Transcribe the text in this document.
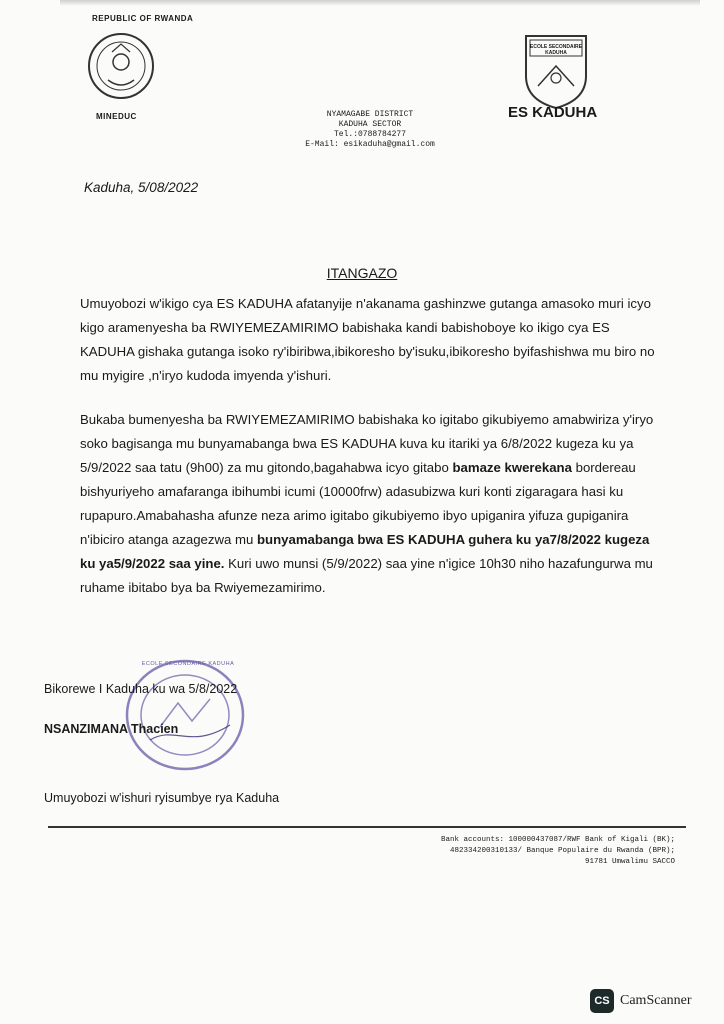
REPUBLIC OF RWANDA
MINEDUC
ECOLE SECONDAIRE KADUHA
ES KADUHA
NYAMAGABE DISTRICT
KADUHA SECTOR
Tel.:0788784277
E-Mail: esikaduha@gmail.com
Kaduha, 5/08/2022
ITANGAZO
Umuyobozi w'ikigo cya ES KADUHA afatanyije n'akanama gashinzwe gutanga amasoko muri icyo kigo aramenyesha ba RWIYEMEZAMIRIMO babishaka kandi babishoboye ko ikigo cya ES KADUHA gishaka gutanga isoko ry'ibiribwa,ibikoresho by'isuku,ibikoresho byifashishwa mu biro no mu myigire ,n'iryo kudoda imyenda y'ishuri.
Bukaba bumenyesha ba RWIYEMEZAMIRIMO babishaka ko igitabo gikubiyemo amabwiriza y'iryo soko bagisanga mu bunyamabanga bwa ES KADUHA kuva ku itariki ya 6/8/2022 kugeza ku ya 5/9/2022 saa tatu (9h00) za mu gitondo,bagahabwa icyo gitabo bamaze kwerekana bordereau bishyuriyeho amafaranga ibihumbi icumi (10000frw) adasubizwa kuri konti zigaragara hasi ku rupapuro.Amabahasha afunze neza arimo igitabo gikubiyemo ibyo upiganira yifuza gupiganira n'ibiciro atanga azagezwa mu bunyamabanga bwa ES KADUHA guhera ku ya7/8/2022 kugeza ku ya5/9/2022 saa yine. Kuri uwo munsi (5/9/2022) saa yine n'igice 10h30 niho hazafungurwa mu ruhame ibitabo bya ba Rwiyemezamirimo.
ECOLE SECONDAIRE KADUHA
Bikorewe I Kaduha ku wa 5/8/2022
NSANZIMANA Thacien
Umuyobozi w'ishuri ryisumbye rya Kaduha
Bank accounts: 100000437087/RWF Bank of Kigali (BK);
482334200310133/ Banque Populaire du Rwanda (BPR);
91781 Umwalimu SACCO
CS CamScanner
